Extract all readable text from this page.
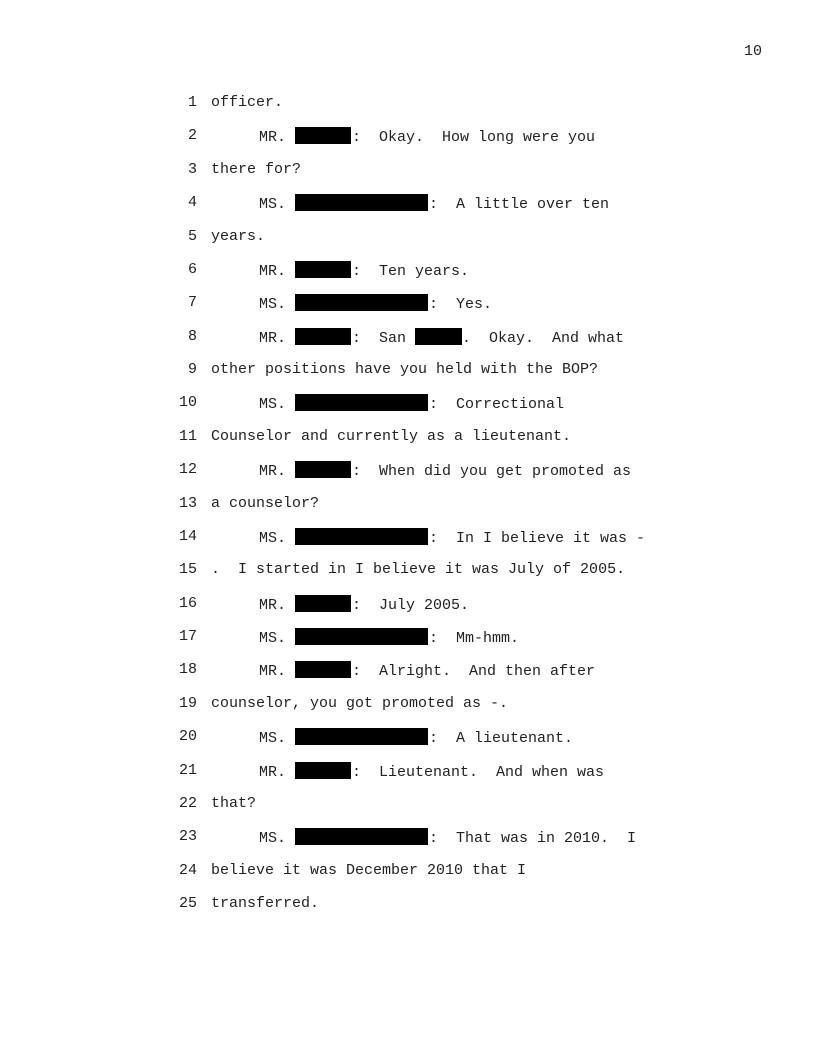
10

1

officer.

2

	MR.	:  Okay.  How long were you

3

there for?

4

	MS.	:  A little over ten

5

years.

6

	MR.	:  Ten years.

7

	MS.	:  Yes.

8

	MR.	:  San	.  Okay.  And what

9

other positions have you held with the BOP?

10

	MS.	:  Correctional

11

Counselor and currently as a lieutenant.

12

	MR.	:  When did you get promoted as

13

a counselor?

14

	MS.	:  In I believe it was -

15

.  I started in I believe it was July of 2005.

16

	MR.	:  July 2005.

17

	MS.	:  Mm-hmm.

18

	MR.	:  Alright.  And then after

19

counselor, you got promoted as -.

20

	MS.	:  A lieutenant.

21

	MR.	:  Lieutenant.  And when was

22

that?

23

	MS.	:  That was in 2010.  I

24

believe it was December 2010 that I

25

transferred.
